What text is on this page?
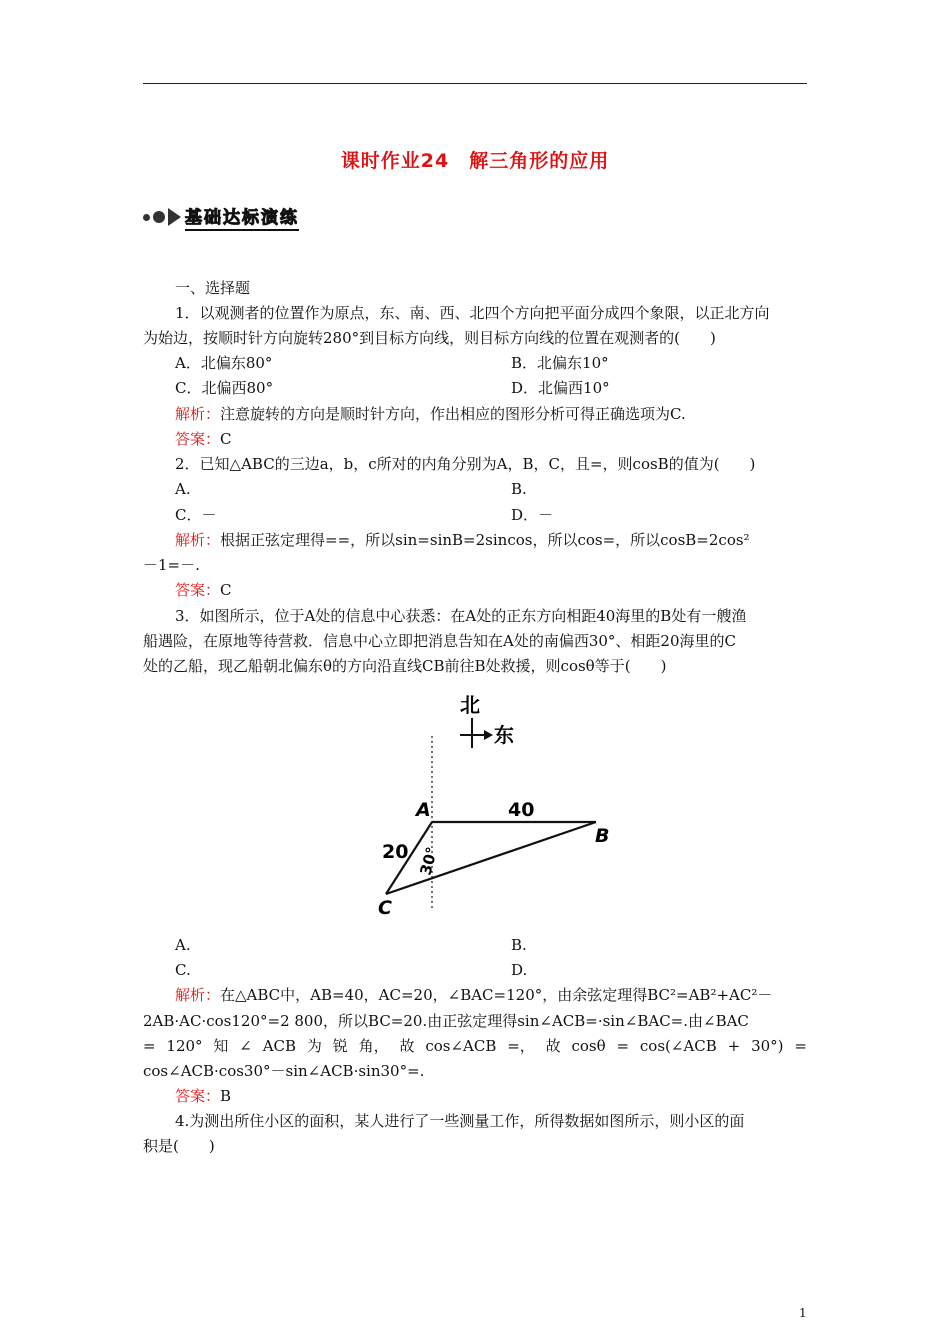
课时作业24　解三角形的应用
基础达标演练
一、选择题
1．以观测者的位置作为原点，东、南、西、北四个方向把平面分成四个象限，以正北方向
为始边，按顺时针方向旋转280°到目标方向线，则目标方向线的位置在观测者的(　　)
A．北偏东80°	B．北偏东10°
C．北偏西80°	D．北偏西10°
解析：注意旋转的方向是顺时针方向，作出相应的图形分析可得正确选项为C.
答案：C
2．已知△ABC的三边a，b，c所对的内角分别为A，B，C，且=，则cosB的值为(　　)
A.	B.
C．－	D．－
解析：根据正弦定理得==，所以sin=sinB=2sincos，所以cos=，所以cosB=2cos²
－1=－.
答案：C
3．如图所示，位于A处的信息中心获悉：在A处的正东方向相距40海里的B处有一艘渔
船遇险，在原地等待营救．信息中心立即把消息告知在A处的南偏西30°、相距20海里的C
处的乙船，现乙船朝北偏东θ的方向沿直线CB前往B处救援，则cosθ等于(　　)
北
东
A
B
C
40
20 30°
A.	B.
C.	D.
解析：在△ABC中，AB=40，AC=20，∠BAC=120°，由余弦定理得BC²=AB²+AC²－
2AB·AC·cos120°=2 800，所以BC=20.由正弦定理得sin∠ACB=·sin∠BAC=.由∠BAC
= 120° 知 ∠ ACB 为 锐 角， 故 cos∠ACB =， 故 cosθ = cos(∠ACB + 30°) =
cos∠ACB·cos30°－sin∠ACB·sin30°=.
答案：B
4.为测出所住小区的面积，某人进行了一些测量工作，所得数据如图所示，则小区的面
积是(　　)
1
